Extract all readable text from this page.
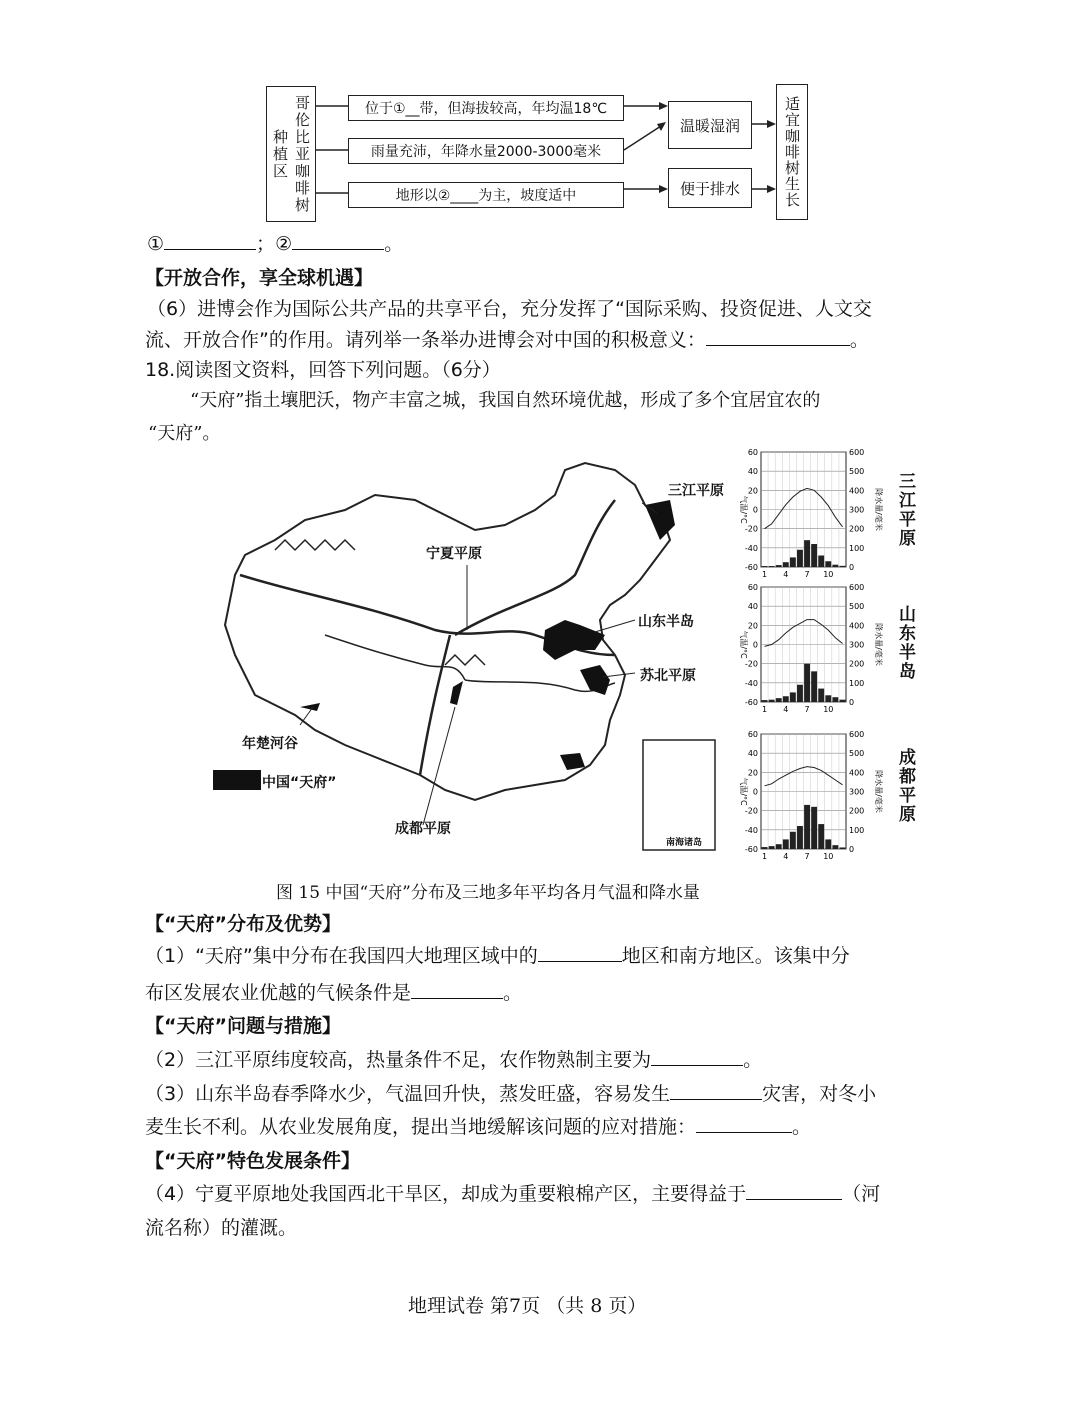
哥伦比亚咖啡树种植区
位于①__带，但海拔较高，年均温18℃
雨量充沛，年降水量2000-3000毫米
地形以②____为主，坡度适中
温暖湿润
便于排水	适宜咖啡树生长
①	；②	。
【开放合作，享全球机遇】
（6）进博会作为国际公共产品的共享平台，充分发挥了“国际采购、投资促进、人文交
流、开放合作”的作用。请列举一条举办进博会对中国的积极意义：	。
18.阅读图文资料，回答下列问题。（6分）
“天府”指土壤肥沃，物产丰富之城，我国自然环境优越，形成了多个宜居宜农的
“天府”。
三江平原
宁夏平原
山东半岛
苏北平原
年楚河谷
中国“天府”
成都平原
南海诸岛
60
40
20
0
-20
-40
-60
600
500
400
300
200
100
0
1 4 7 10
气温/°C	降水量/毫米
60
40
20
0
-20
-40
-60
600
500
400
300
200
100
0
1 4 7 10
气温/°C	降水量/毫米
60
40
20
0
-20
-40
-60
600
500
400
300
200
100
0
1 4 7 10
气温/°C	降水量/毫米
三江平原
山东半岛
成都平原
图 15 中国“天府”分布及三地多年平均各月气温和降水量
【“天府”分布及优势】
（1）“天府”集中分布在我国四大地理区域中的	地区和南方地区。该集中分
布区发展农业优越的气候条件是	。
【“天府”问题与措施】
（2）三江平原纬度较高，热量条件不足，农作物熟制主要为	。
（3）山东半岛春季降水少，气温回升快，蒸发旺盛，容易发生	灾害，对冬小
麦生长不利。从农业发展角度，提出当地缓解该问题的应对措施：	。
【“天府”特色发展条件】
（4）宁夏平原地处我国西北干旱区，却成为重要粮棉产区，主要得益于	（河
流名称）的灌溉。
地理试卷 第7页 （共 8 页）
